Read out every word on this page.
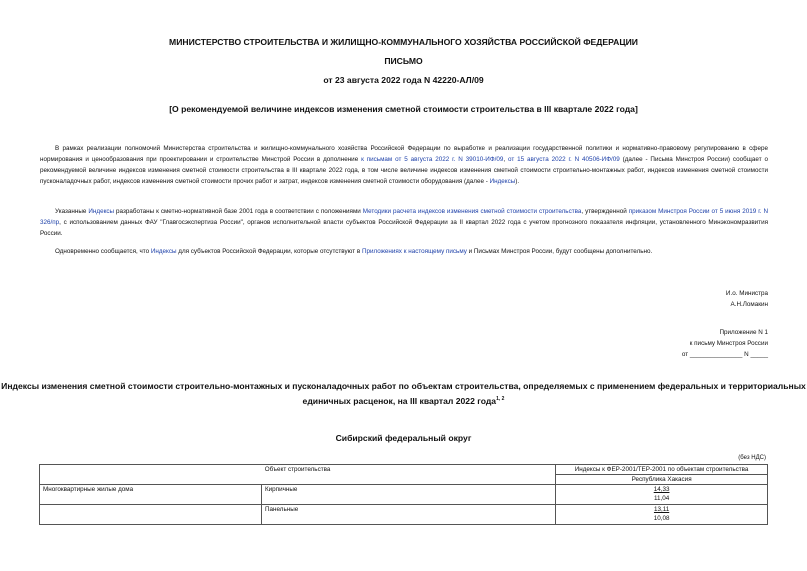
МИНИСТЕРСТВО СТРОИТЕЛЬСТВА И ЖИЛИЩНО-КОММУНАЛЬНОГО ХОЗЯЙСТВА РОССИЙСКОЙ ФЕДЕРАЦИИ
ПИСЬМО
от 23 августа 2022 года N 42220-АЛ/09
[О рекомендуемой величине индексов изменения сметной стоимости строительства в III квартале 2022 года]
В рамках реализации полномочий Министерства строительства и жилищно-коммунального хозяйства Российской Федерации по выработке и реализации государственной политики и нормативно-правовому регулированию в сфере нормирования и ценообразования при проектировании и строительстве Минстрой России в дополнение к письмам от 5 августа 2022 г. N 39010-ИФ/09, от 15 августа 2022 г. N 40506-ИФ/09 (далее - Письма Минстроя России) сообщает о рекомендуемой величине индексов изменения сметной стоимости строительства в III квартале 2022 года, в том числе величине индексов изменения сметной стоимости строительно-монтажных работ, индексов изменения сметной стоимости пусконаладочных работ, индексов изменения сметной стоимости прочих работ и затрат, индексов изменения сметной стоимости оборудования (далее - Индексы).
Указанные Индексы разработаны к сметно-нормативной базе 2001 года в соответствии с положениями Методики расчета индексов изменения сметной стоимости строительства, утвержденной приказом Минстроя России от 5 июня 2019 г. N 326/пр, с использованием данных ФАУ "Главгосэкспертиза России", органов исполнительной власти субъектов Российской Федерации за II квартал 2022 года с учетом прогнозного показателя инфляции, установленного Минэкономразвития России.
Одновременно сообщается, что Индексы для субъектов Российской Федерации, которые отсутствуют в Приложениях к настоящему письму и Письмах Минстроя России, будут сообщены дополнительно.
И.о. Министра
А.Н.Ломакин
Приложение N 1
к письму Минстроя России
от _______________ N _____
Индексы изменения сметной стоимости строительно-монтажных и пусконаладочных работ по объектам строительства, определяемых с применением федеральных и территориальных единичных расценок, на III квартал 2022 года$^{1, 2}$
Сибирский федеральный округ
(без НДС)
Объект строительства		Индексы к ФЕР-2001/ТЕР-2001 по объектам строительства
		Республика Хакасия
Многоквартирные жилые дома	Кирпичные	14,33
11,04

	Панельные	13,11
10,08
